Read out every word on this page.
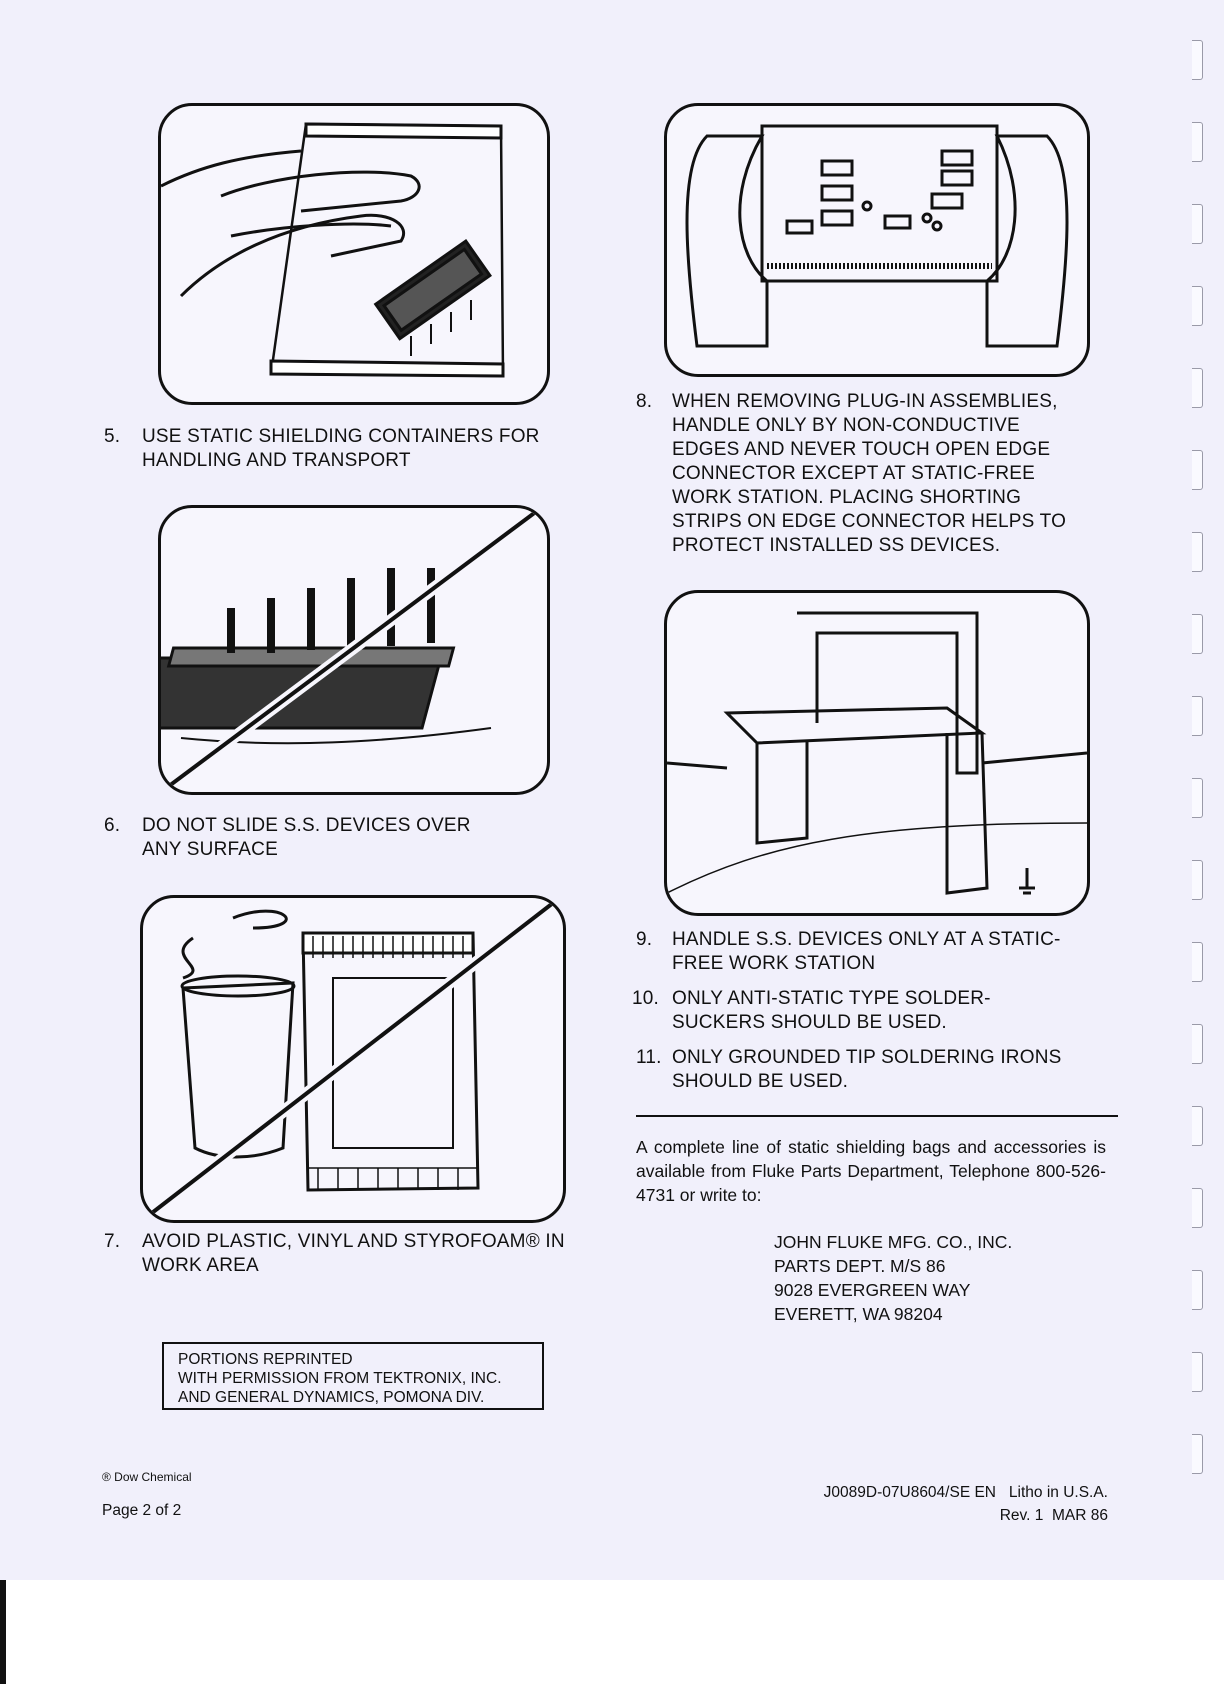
5. USE STATIC SHIELDING CONTAINERS FOR HANDLING AND TRANSPORT
6. DO NOT SLIDE S.S. DEVICES OVER ANY SURFACE
7. AVOID PLASTIC, VINYL AND STYROFOAM® IN WORK AREA
PORTIONS REPRINTED
WITH PERMISSION FROM TEKTRONIX, INC.
AND GENERAL DYNAMICS, POMONA DIV.
8. WHEN REMOVING PLUG-IN ASSEMBLIES, HANDLE ONLY BY NON-CONDUCTIVE EDGES AND NEVER TOUCH OPEN EDGE CONNECTOR EXCEPT AT STATIC-FREE WORK STATION. PLACING SHORTING STRIPS ON EDGE CONNECTOR HELPS TO PROTECT INSTALLED SS DEVICES.
9. HANDLE S.S. DEVICES ONLY AT A STATIC-FREE WORK STATION
10. ONLY ANTI-STATIC TYPE SOLDER-SUCKERS SHOULD BE USED.
11. ONLY GROUNDED TIP SOLDERING IRONS SHOULD BE USED.
A complete line of static shielding bags and accessories is available from Fluke Parts Department, Telephone 800-526-4731 or write to:
JOHN FLUKE MFG. CO., INC.
PARTS DEPT. M/S 86
9028 EVERGREEN WAY
EVERETT, WA 98204
® Dow Chemical
Page 2 of 2
J0089D-07U8604/SE EN   Litho in U.S.A.
Rev. 1  MAR 86
